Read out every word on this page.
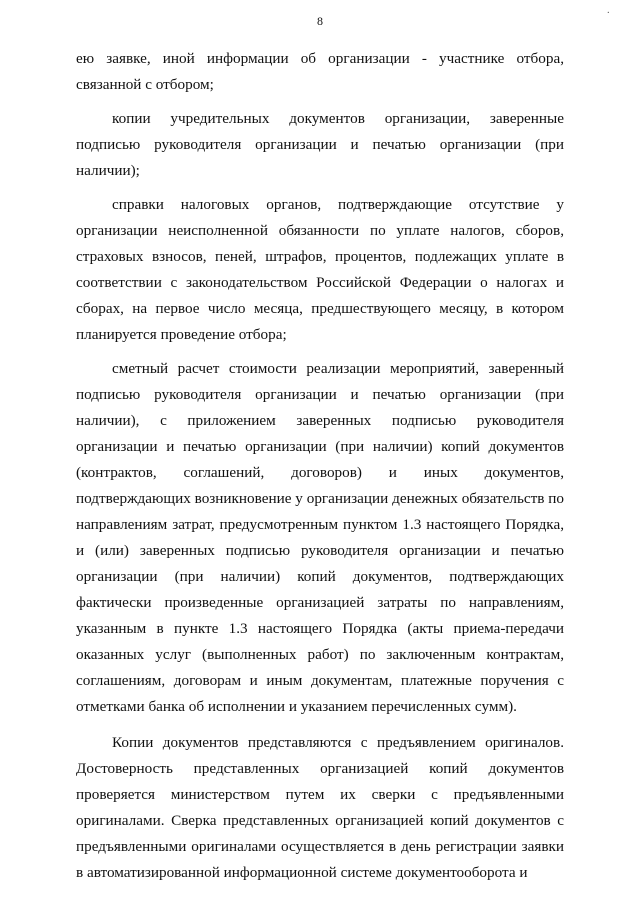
8
·

ею заявке, иной информации об организации - участнике отбора, связанной с отбором;

копии учредительных документов организации, заверенные подписью руководителя организации и печатью организации (при наличии);

справки налоговых органов, подтверждающие отсутствие у организации неисполненной обязанности по уплате налогов, сборов, страховых взносов, пеней, штрафов, процентов, подлежащих уплате в соответствии с законодательством Российской Федерации о налогах и сборах, на первое число месяца, предшествующего месяцу, в котором планируется проведение отбора;

сметный расчет стоимости реализации мероприятий, заверенный подписью руководителя организации и печатью организации (при наличии), с приложением заверенных подписью руководителя организации и печатью организации (при наличии) копий документов (контрактов, соглашений, договоров) и иных документов, подтверждающих возникновение у организации денежных обязательств по направлениям затрат, предусмотренным пунктом 1.3 настоящего Порядка, и (или) заверенных подписью руководителя организации и печатью организации (при наличии) копий документов, подтверждающих фактически произведенные организацией затраты по направлениям, указанным в пункте 1.3 настоящего Порядка (акты приема-передачи оказанных услуг (выполненных работ) по заключенным контрактам, соглашениям, договорам и иным документам, платежные поручения с отметками банка об исполнении и указанием перечисленных сумм).

Копии документов представляются с предъявлением оригиналов. Достоверность представленных организацией копий документов проверяется министерством путем их сверки с предъявленными оригиналами. Сверка представленных организацией копий документов с предъявленными оригиналами осуществляется в день регистрации заявки в автоматизированной информационной системе документооборота и
